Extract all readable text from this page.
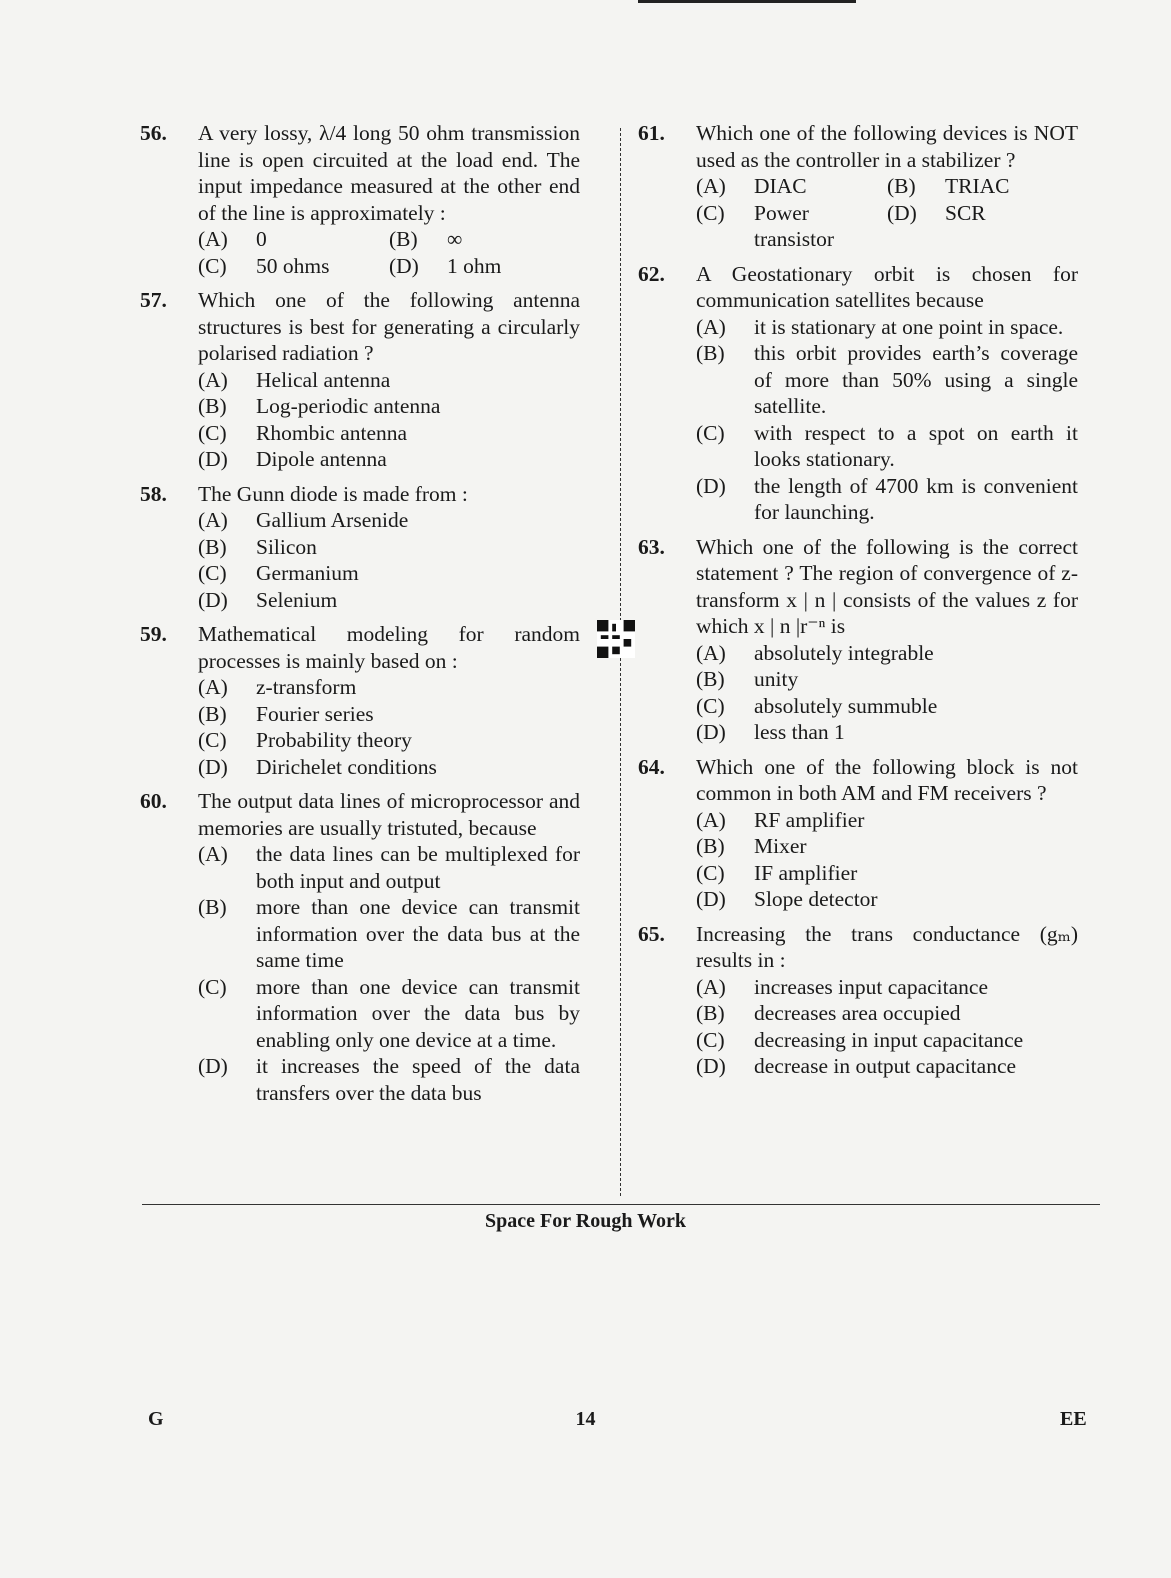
56. A very lossy, λ/4 long 50 ohm transmission line is open circuited at the load end. The input impedance measured at the other end of the line is approximately :
(A) 0	(B) ∞
(C) 50 ohms	(D) 1 ohm
57. Which one of the following antenna structures is best for generating a circularly polarised radiation ?
(A) Helical antenna
(B) Log-periodic antenna
(C) Rhombic antenna
(D) Dipole antenna
58. The Gunn diode is made from :
(A) Gallium Arsenide
(B) Silicon
(C) Germanium
(D) Selenium
59. Mathematical modeling for random processes is mainly based on :
(A) z-transform
(B) Fourier series
(C) Probability theory
(D) Dirichelet conditions
60. The output data lines of microprocessor and memories are usually tristuted, because
(A) the data lines can be multiplexed for both input and output
(B) more than one device can transmit information over the data bus at the same time
(C) more than one device can transmit information over the data bus by enabling only one device at a time.
(D) it increases the speed of the data transfers over the data bus
61. Which one of the following devices is NOT used as the controller in a stabilizer ?
(A) DIAC	(B) TRIAC
(C) Power transistor
(D) SCR
62. A Geostationary orbit is chosen for communication satellites because
(A) it is stationary at one point in space.
(B) this orbit provides earth’s coverage of more than 50% using a single satellite.
(C) with respect to a spot on earth it looks stationary.
(D) the length of 4700 km is convenient for launching.
63. Which one of the following is the correct statement ? The region of convergence of z-transform x | n | consists of the values z for which x | n |r⁻ⁿ is
(A) absolutely integrable
(B) unity
(C) absolutely summuble
(D) less than 1
64. Which one of the following block is not common in both AM and FM receivers ?
(A) RF amplifier
(B) Mixer
(C) IF amplifier
(D) Slope detector
65. Increasing the trans conductance (gₘ) results in :
(A) increases input capacitance
(B) decreases area occupied
(C) decreasing in input capacitance
(D) decrease in output capacitance
Space For Rough Work
G	14	EE
